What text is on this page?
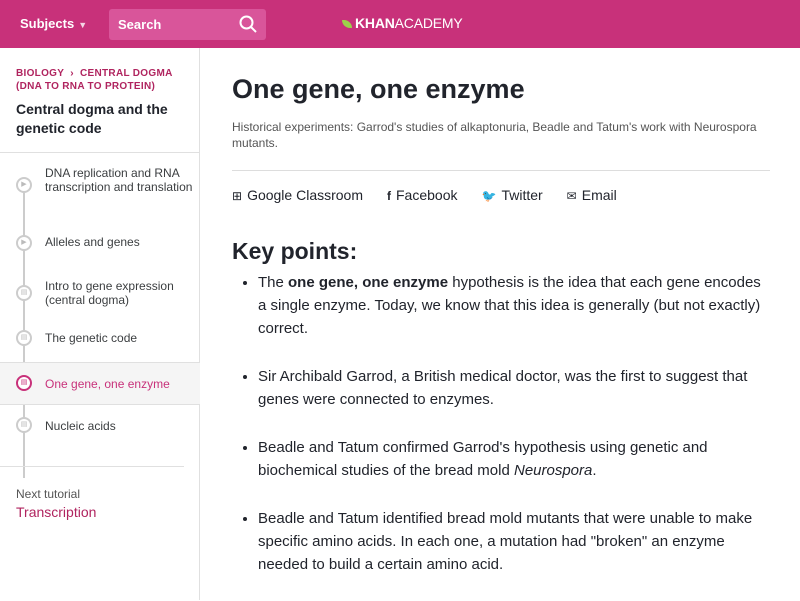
Subjects ▼	Search	KHANACADEMY
BIOLOGY  ›  CENTRAL DOGMA (DNA TO RNA TO PROTEIN)
Central dogma and the genetic code
▶
DNA replication and RNA transcription and translation
▶	Alleles and genes
▤	Intro to gene expression (central dogma)
▤	The genetic code
▤	One gene, one enzyme
▤	Nucleic acids
Next tutorial
Transcription
One gene, one enzyme
Historical experiments: Garrod's studies of alkaptonuria, Beadle and Tatum's work with Neurospora mutants.
⊞ Google Classroom f Facebook 🐦 Twitter ✉ Email
Key points:
• The one gene, one enzyme hypothesis is the idea that each gene encodes a single enzyme. Today, we know that this idea is generally (but not exactly) correct.
• Sir Archibald Garrod, a British medical doctor, was the first to suggest that genes were connected to enzymes.
• Beadle and Tatum confirmed Garrod's hypothesis using genetic and biochemical studies of the bread mold Neurospora.
• Beadle and Tatum identified bread mold mutants that were unable to make specific amino acids. In each one, a mutation had "broken" an enzyme needed to build a certain amino acid.
